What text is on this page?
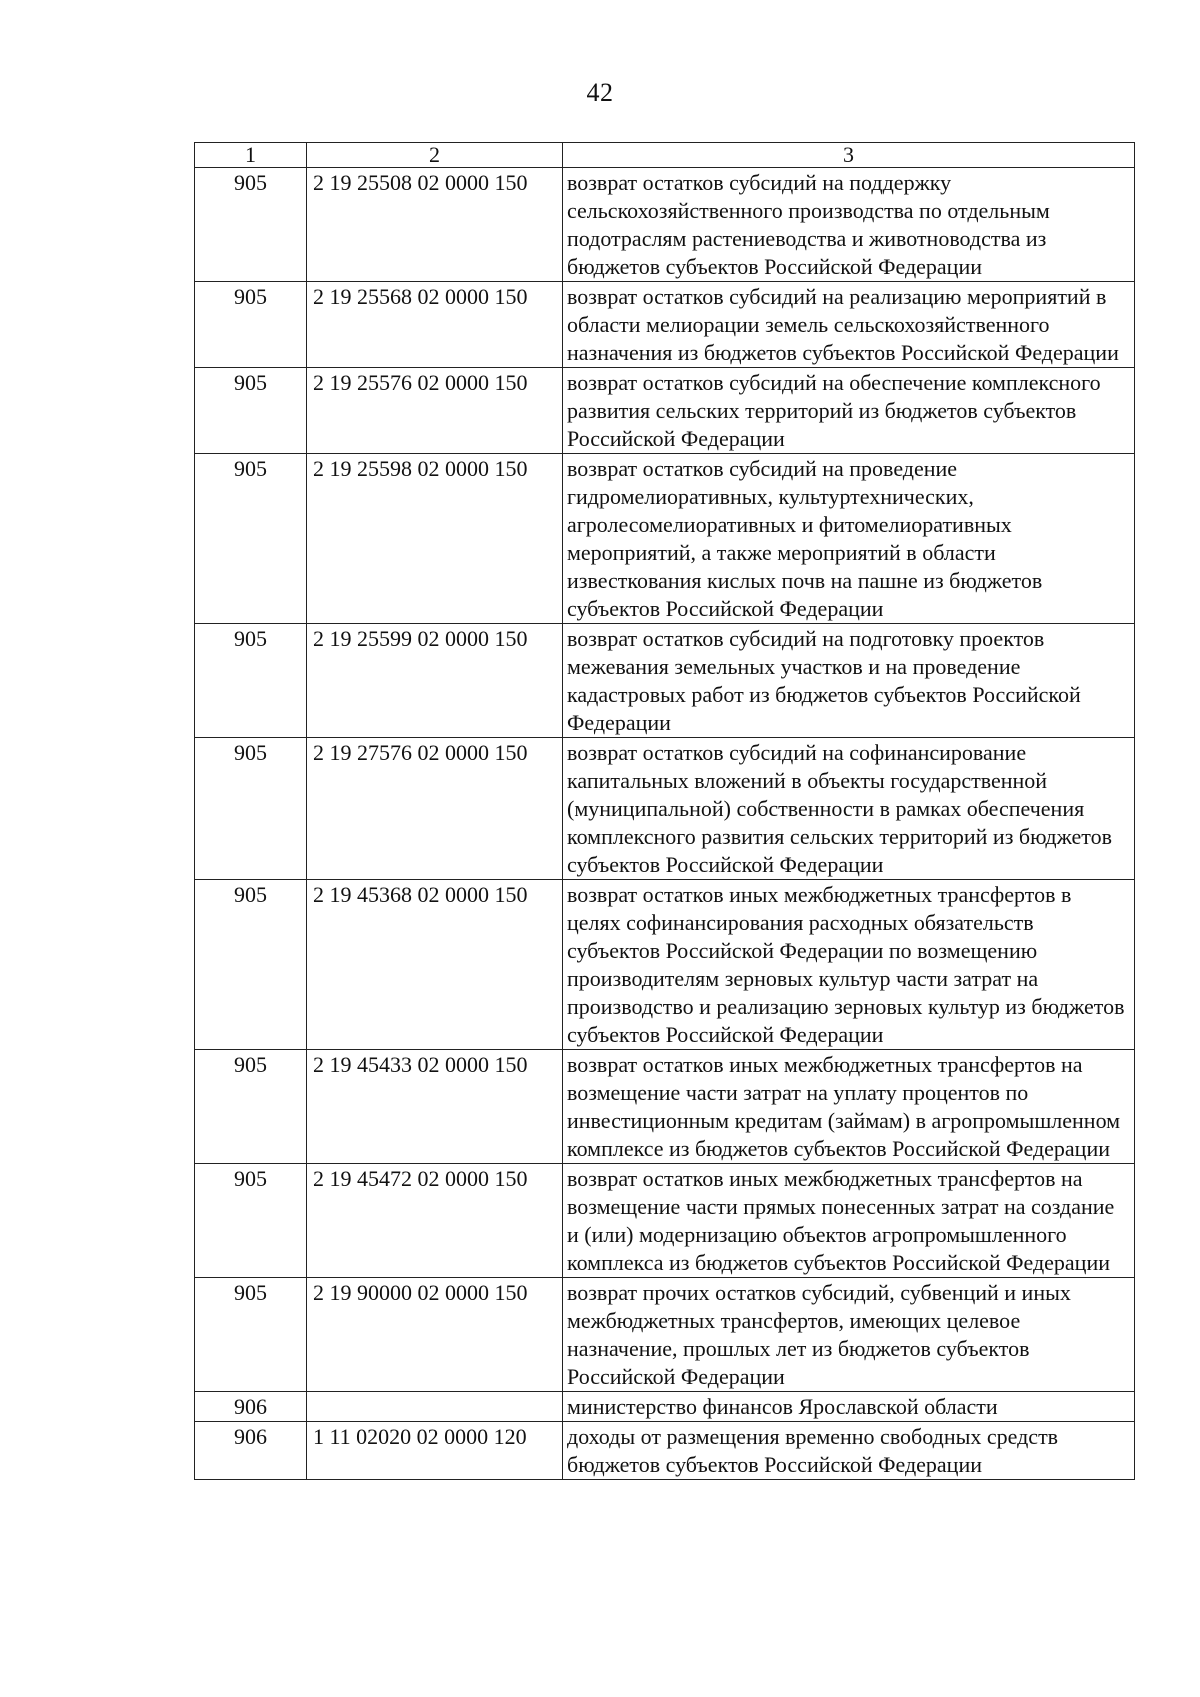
42
1	2	3
905	2 19 25508 02 0000 150	возврат остатков субсидий на поддержку сельскохозяйственного производства по отдельным подотраслям растениеводства и животноводства из бюджетов субъектов Российской Федерации
905	2 19 25568 02 0000 150	возврат остатков субсидий на реализацию мероприятий в области мелиорации земель сельскохозяйственного назначения из бюджетов субъектов Российской Федерации
905	2 19 25576 02 0000 150	возврат остатков субсидий на обеспечение комплексного развития сельских территорий из бюджетов субъектов Российской Федерации
905	2 19 25598 02 0000 150	возврат остатков субсидий на проведение гидромелиоративных, культуртехнических, агролесомелиоративных и фитомелиоративных мероприятий, а также мероприятий в области известкования кислых почв на пашне из бюджетов субъектов Российской Федерации
905	2 19 25599 02 0000 150	возврат остатков субсидий на подготовку проектов межевания земельных участков и на проведение кадастровых работ из бюджетов субъектов Российской Федерации
905	2 19 27576 02 0000 150	возврат остатков субсидий на софинансирование капитальных вложений в объекты государственной (муниципальной) собственности в рамках обеспечения комплексного развития сельских территорий из бюджетов субъектов Российской Федерации
905	2 19 45368 02 0000 150	возврат остатков иных межбюджетных трансфертов в целях софинансирования расходных обязательств субъектов Российской Федерации по возмещению производителям зерновых культур части затрат на производство и реализацию зерновых культур из бюджетов субъектов Российской Федерации
905	2 19 45433 02 0000 150	возврат остатков иных межбюджетных трансфертов на возмещение части затрат на уплату процентов по инвестиционным кредитам (займам) в агропромышленном комплексе из бюджетов субъектов Российской Федерации
905	2 19 45472 02 0000 150	возврат остатков иных межбюджетных трансфертов на возмещение части прямых понесенных затрат на создание и (или) модернизацию объектов агропромышленного комплекса из бюджетов субъектов Российской Федерации
905	2 19 90000 02 0000 150	возврат прочих остатков субсидий, субвенций и иных межбюджетных трансфертов, имеющих целевое назначение, прошлых лет из бюджетов субъектов Российской Федерации
906		министерство финансов Ярославской области
906	1 11 02020 02 0000 120	доходы от размещения временно свободных средств бюджетов субъектов Российской Федерации
